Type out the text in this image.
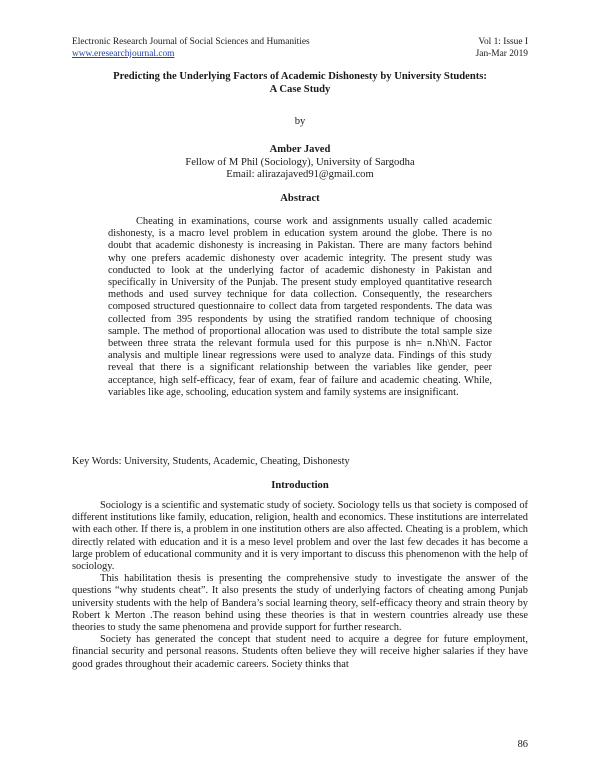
Electronic Research Journal of Social Sciences and Humanities	Vol 1: Issue I
www.eresearchjournal.com	Jan-Mar 2019
Predicting the Underlying Factors of Academic Dishonesty by University Students:
A Case Study
by
Amber Javed
Fellow of M Phil (Sociology), University of Sargodha
Email: alirazajaved91@gmail.com
Abstract

Cheating in examinations, course work and assignments usually called academic dishonesty, is a macro level problem in education system around the globe. There is no doubt that academic dishonesty is increasing in Pakistan. There are many factors behind why one prefers academic dishonesty over academic integrity. The present study was conducted to look at the underlying factor of academic dishonesty in Pakistan and specifically in University of the Punjab. The present study employed quantitative research methods and used survey technique for data collection. Consequently, the researchers composed structured questionnaire to collect data from targeted respondents. The data was collected from 395 respondents by using the stratified random technique of choosing sample. The method of proportional allocation was used to distribute the total sample size between three strata the relevant formula used for this purpose is nh= n.Nh\N. Factor analysis and multiple linear regressions were used to analyze data. Findings of this study reveal that there is a significant relationship between the variables like gender, peer acceptance, high self-efficacy, fear of exam, fear of failure and academic cheating. While, variables like age, schooling, education system and family systems are insignificant.

Key Words: University, Students, Academic, Cheating, Dishonesty
Introduction

Sociology is a scientific and systematic study of society. Sociology tells us that society is composed of different institutions like family, education, religion, health and economics. These institutions are interrelated with each other. If there is, a problem in one institution others are also affected. Cheating is a problem, which directly related with education and it is a meso level problem and over the last few decades it has become a large problem of educational community and it is very important to discuss this phenomenon with the help of sociology.

This habilitation thesis is presenting the comprehensive study to investigate the answer of the questions “why students cheat”. It also presents the study of underlying factors of cheating among Punjab university students with the help of Bandera’s social learning theory, self-efficacy theory and strain theory by Robert k Merton .The reason behind using these theories is that in western countries already use these theories to study the same phenomena and provide support for further research.

Society has generated the concept that student need to acquire a degree for future employment, financial security and personal reasons. Students often believe they will receive higher salaries if they have good grades throughout their academic careers. Society thinks that

86
